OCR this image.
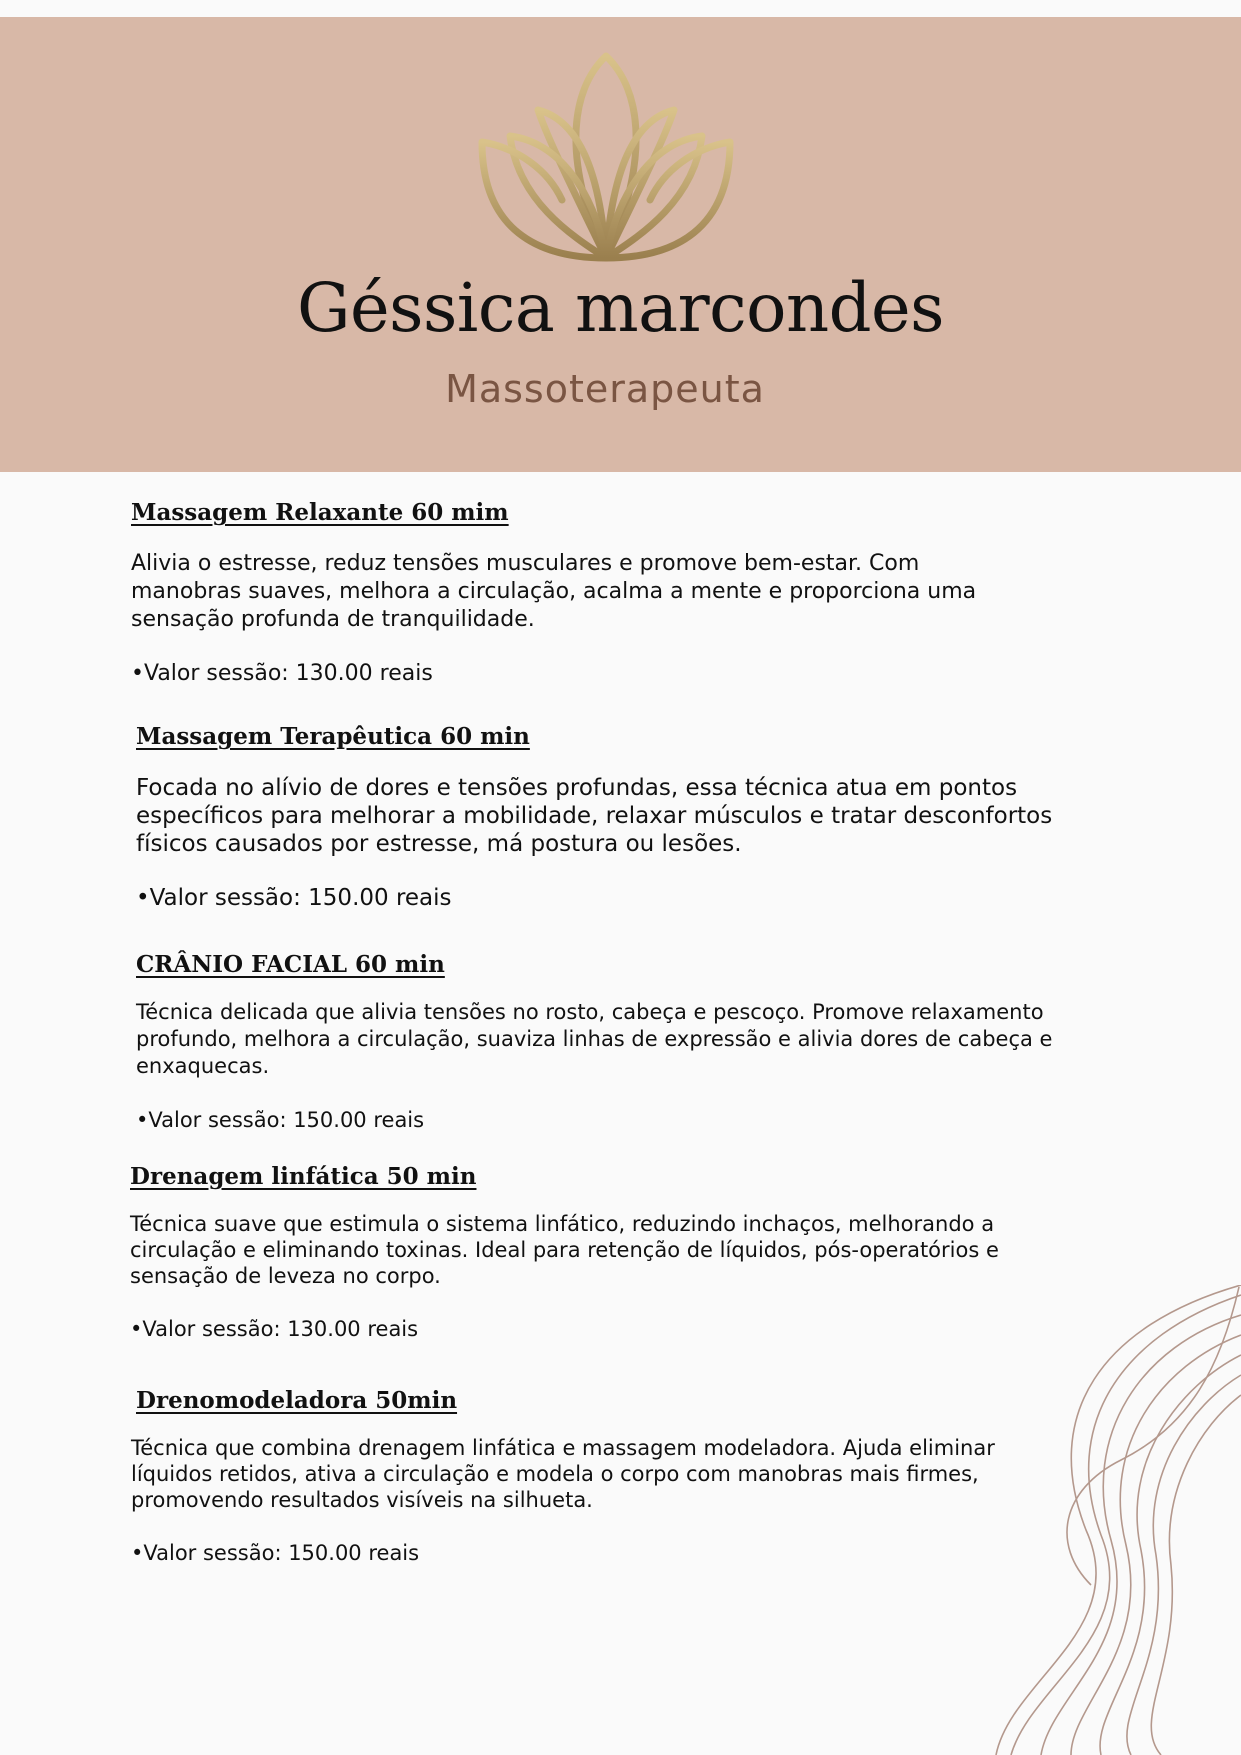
Géssica marcondes
Massoterapeuta
Massagem Relaxante 60 mim

Alivia o estresse, reduz tensões musculares e promove bem-estar. Com manobras suaves, melhora a circulação, acalma a mente e proporciona uma sensação profunda de tranquilidade.

•Valor sessão: 130.00 reais

Massagem Terapêutica 60 min

Focada no alívio de dores e tensões profundas, essa técnica atua em pontos específicos para melhorar a mobilidade, relaxar músculos e tratar desconfortos físicos causados por estresse, má postura ou lesões.

•Valor sessão: 150.00 reais

CRÂNIO FACIAL 60 min

Técnica delicada que alivia tensões no rosto, cabeça e pescoço. Promove relaxamento profundo, melhora a circulação, suaviza linhas de expressão e alivia dores de cabeça e enxaquecas.

•Valor sessão: 150.00 reais

Drenagem linfática 50 min

Técnica suave que estimula o sistema linfático, reduzindo inchaços, melhorando a circulação e eliminando toxinas. Ideal para retenção de líquidos, pós-operatórios e sensação de leveza no corpo.

•Valor sessão: 130.00 reais

Drenomodeladora 50min

Técnica que combina drenagem linfática e massagem modeladora. Ajuda eliminar líquidos retidos, ativa a circulação e modela o corpo com manobras mais firmes, promovendo resultados visíveis na silhueta.

•Valor sessão: 150.00 reais
